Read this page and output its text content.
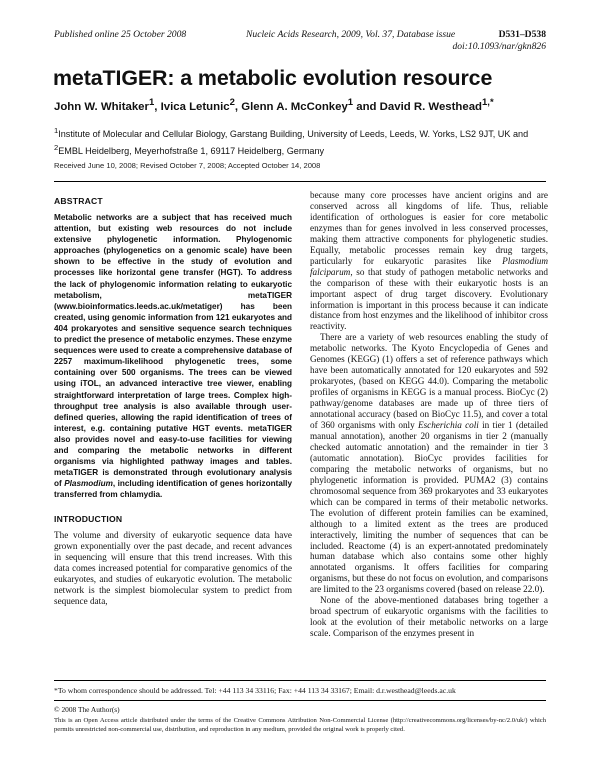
Published online 25 October 2008	Nucleic Acids Research, 2009, Vol. 37, Database issue	D531–D538
doi:10.1093/nar/gkn826
metaTIGER: a metabolic evolution resource

John W. Whitaker$^1$, Ivica Letunic$^2$, Glenn A. McConkey$^1$ and David R. Westhead$^{1,*}$

$^1$Institute of Molecular and Cellular Biology, Garstang Building, University of Leeds, Leeds, W. Yorks, LS2 9JT, UK and $^2$EMBL Heidelberg, Meyerhofstraße 1, 69117 Heidelberg, Germany

Received June 10, 2008; Revised October 7, 2008; Accepted October 14, 2008

ABSTRACT

Metabolic networks are a subject that has received much attention, but existing web resources do not include extensive phylogenetic information. Phylogenomic approaches (phylogenetics on a genomic scale) have been shown to be effective in the study of evolution and processes like horizontal gene transfer (HGT). To address the lack of phylogenomic information relating to eukaryotic metabolism, metaTIGER (www.bioinformatics.leeds.ac.uk/metatiger) has been created, using genomic information from 121 eukaryotes and 404 prokaryotes and sensitive sequence search techniques to predict the presence of metabolic enzymes. These enzyme sequences were used to create a comprehensive database of 2257 maximum-likelihood phylogenetic trees, some containing over 500 organisms. The trees can be viewed using iTOL, an advanced interactive tree viewer, enabling straightforward interpretation of large trees. Complex high-throughput tree analysis is also available through user-defined queries, allowing the rapid identification of trees of interest, e.g. containing putative HGT events. metaTIGER also provides novel and easy-to-use facilities for viewing and comparing the metabolic networks in different organisms via highlighted pathway images and tables. metaTIGER is demonstrated through evolutionary analysis of Plasmodium, including identification of genes horizontally transferred from chlamydia.

INTRODUCTION

The volume and diversity of eukaryotic sequence data have grown exponentially over the past decade, and recent advances in sequencing will ensure that this trend increases. With this data comes increased potential for comparative genomics of the eukaryotes, and studies of eukaryotic evolution. The metabolic network is the simplest biomolecular system to predict from sequence data,

because many core processes have ancient origins and are conserved across all kingdoms of life. Thus, reliable identification of orthologues is easier for core metabolic enzymes than for genes involved in less conserved processes, making them attractive components for phylogenetic studies. Equally, metabolic processes remain key drug targets, particularly for eukaryotic parasites like Plasmodium falciparum, so that study of pathogen metabolic networks and the comparison of these with their eukaryotic hosts is an important aspect of drug target discovery. Evolutionary information is important in this process because it can indicate distance from host enzymes and the likelihood of inhibitor cross reactivity.

There are a variety of web resources enabling the study of metabolic networks. The Kyoto Encyclopedia of Genes and Genomes (KEGG) (1) offers a set of reference pathways which have been automatically annotated for 120 eukaryotes and 592 prokaryotes, (based on KEGG 44.0). Comparing the metabolic profiles of organisms in KEGG is a manual process. BioCyc (2) pathway/genome databases are made up of three tiers of annotational accuracy (based on BioCyc 11.5), and cover a total of 360 organisms with only Escherichia coli in tier 1 (detailed manual annotation), another 20 organisms in tier 2 (manually checked automatic annotation) and the remainder in tier 3 (automatic annotation). BioCyc provides facilities for comparing the metabolic networks of organisms, but no phylogenetic information is provided. PUMA2 (3) contains chromosomal sequence from 369 prokaryotes and 33 eukaryotes which can be compared in terms of their metabolic networks. The evolution of different protein families can be examined, although to a limited extent as the trees are produced interactively, limiting the number of sequences that can be included. Reactome (4) is an expert-annotated predominately human database which also contains some other highly annotated organisms. It offers facilities for comparing organisms, but these do not focus on evolution, and comparisons are limited to the 23 organisms covered (based on release 22.0).

None of the above-mentioned databases bring together a broad spectrum of eukaryotic organisms with the facilities to look at the evolution of their metabolic networks on a large scale. Comparison of the enzymes present in

*To whom correspondence should be addressed. Tel: +44 113 34 33116; Fax: +44 113 34 33167; Email: d.r.westhead@leeds.ac.uk
© 2008 The Author(s)
This is an Open Access article distributed under the terms of the Creative Commons Attribution Non-Commercial License (http://creativecommons.org/licenses/by-nc/2.0/uk/) which permits unrestricted non-commercial use, distribution, and reproduction in any medium, provided the original work is properly cited.
